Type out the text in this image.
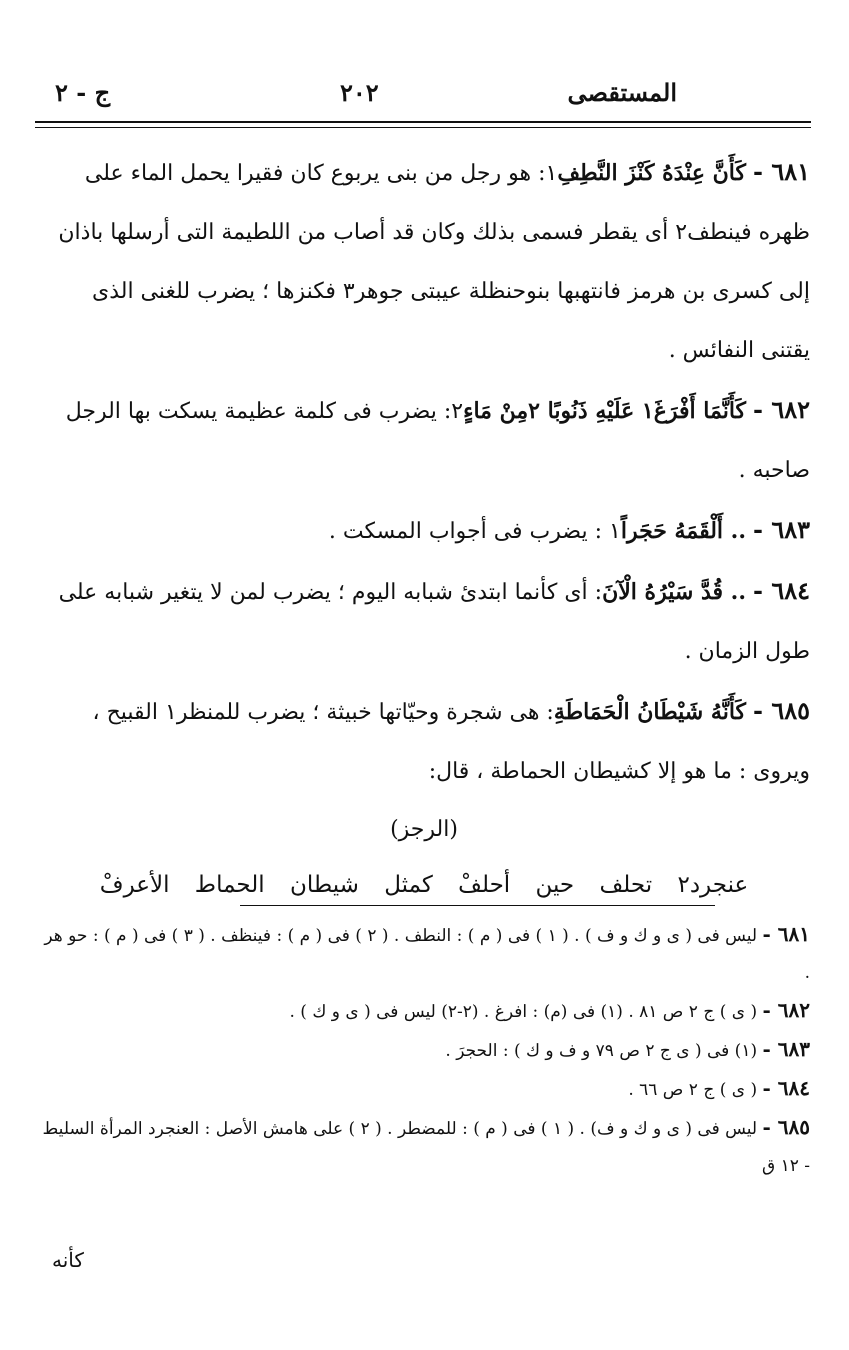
المستقصى
٢٠٢
ج - ٢

٦٨١ - كَأَنَّ عِنْدَهُ كَنْزَ النَّطِفِ١: هو رجل من بنى يربوع كان فقيرا يحمل الماء على ظهره فينطف٢ أى يقطر فسمى بذلك وكان قد أصاب من اللطيمة التى أرسلها باذان إلى كسرى بن هرمز فانتهبها بنوحنظلة عيبتى جوهر٣ فكنزها ؛ يضرب للغنى الذى يقتنى النفائس .

٦٨٢ - كَأَنَّمَا أَفْرَغَ١ عَلَيْهِ ذَنُوبًا ٢مِنْ مَاءٍ٢: يضرب فى كلمة عظيمة يسكت بها الرجل صاحبه .

٦٨٣ - .. أَلْقَمَهُ حَجَراً١ : يضرب فى أجواب المسكت .

٦٨٤ - .. قُدَّ سَيْرُهُ الْآنَ: أى كأنما ابتدئ شبابه اليوم ؛ يضرب لمن لا يتغير شبابه على طول الزمان .

٦٨٥ - كَأَنَّهُ شَيْطَانُ الْحَمَاطَةِ: هى شجرة وحيّاتها خبيثة ؛ يضرب للمنظر١ القبيح ، ويروى : ما هو إلا كشيطان الحماطة ، قال:

(الرجز)

عنجرد٢ تحلف حين أحلفْ كمثل شيطان الحماط الأعرفْ

٦٨١ - ليس فى ( ى و ك و ف ) . ( ١ ) فى ( م ) : النطف . ( ٢ ) فى ( م ) : فينظف . ( ٣ ) فى ( م ) : حو هر .

٦٨٢ - ( ى ) ج ٢ ص ٨١ . (١) فى (م) : افرغ . (٢-٢) ليس فى ( ى و ك ) .

٦٨٣ - (١) فى ( ى ج ٢ ص ٧٩ و ف و ك ) : الحجرَ .

٦٨٤ - ( ى ) ج ٢ ص ٦٦ .

٦٨٥ - ليس فى ( ى و ك و ف) . ( ١ ) فى ( م ) : للمضطر . ( ٢ ) على هامش الأصل : العنجرد المرأة السليط - ١٢ ق

كأنه
